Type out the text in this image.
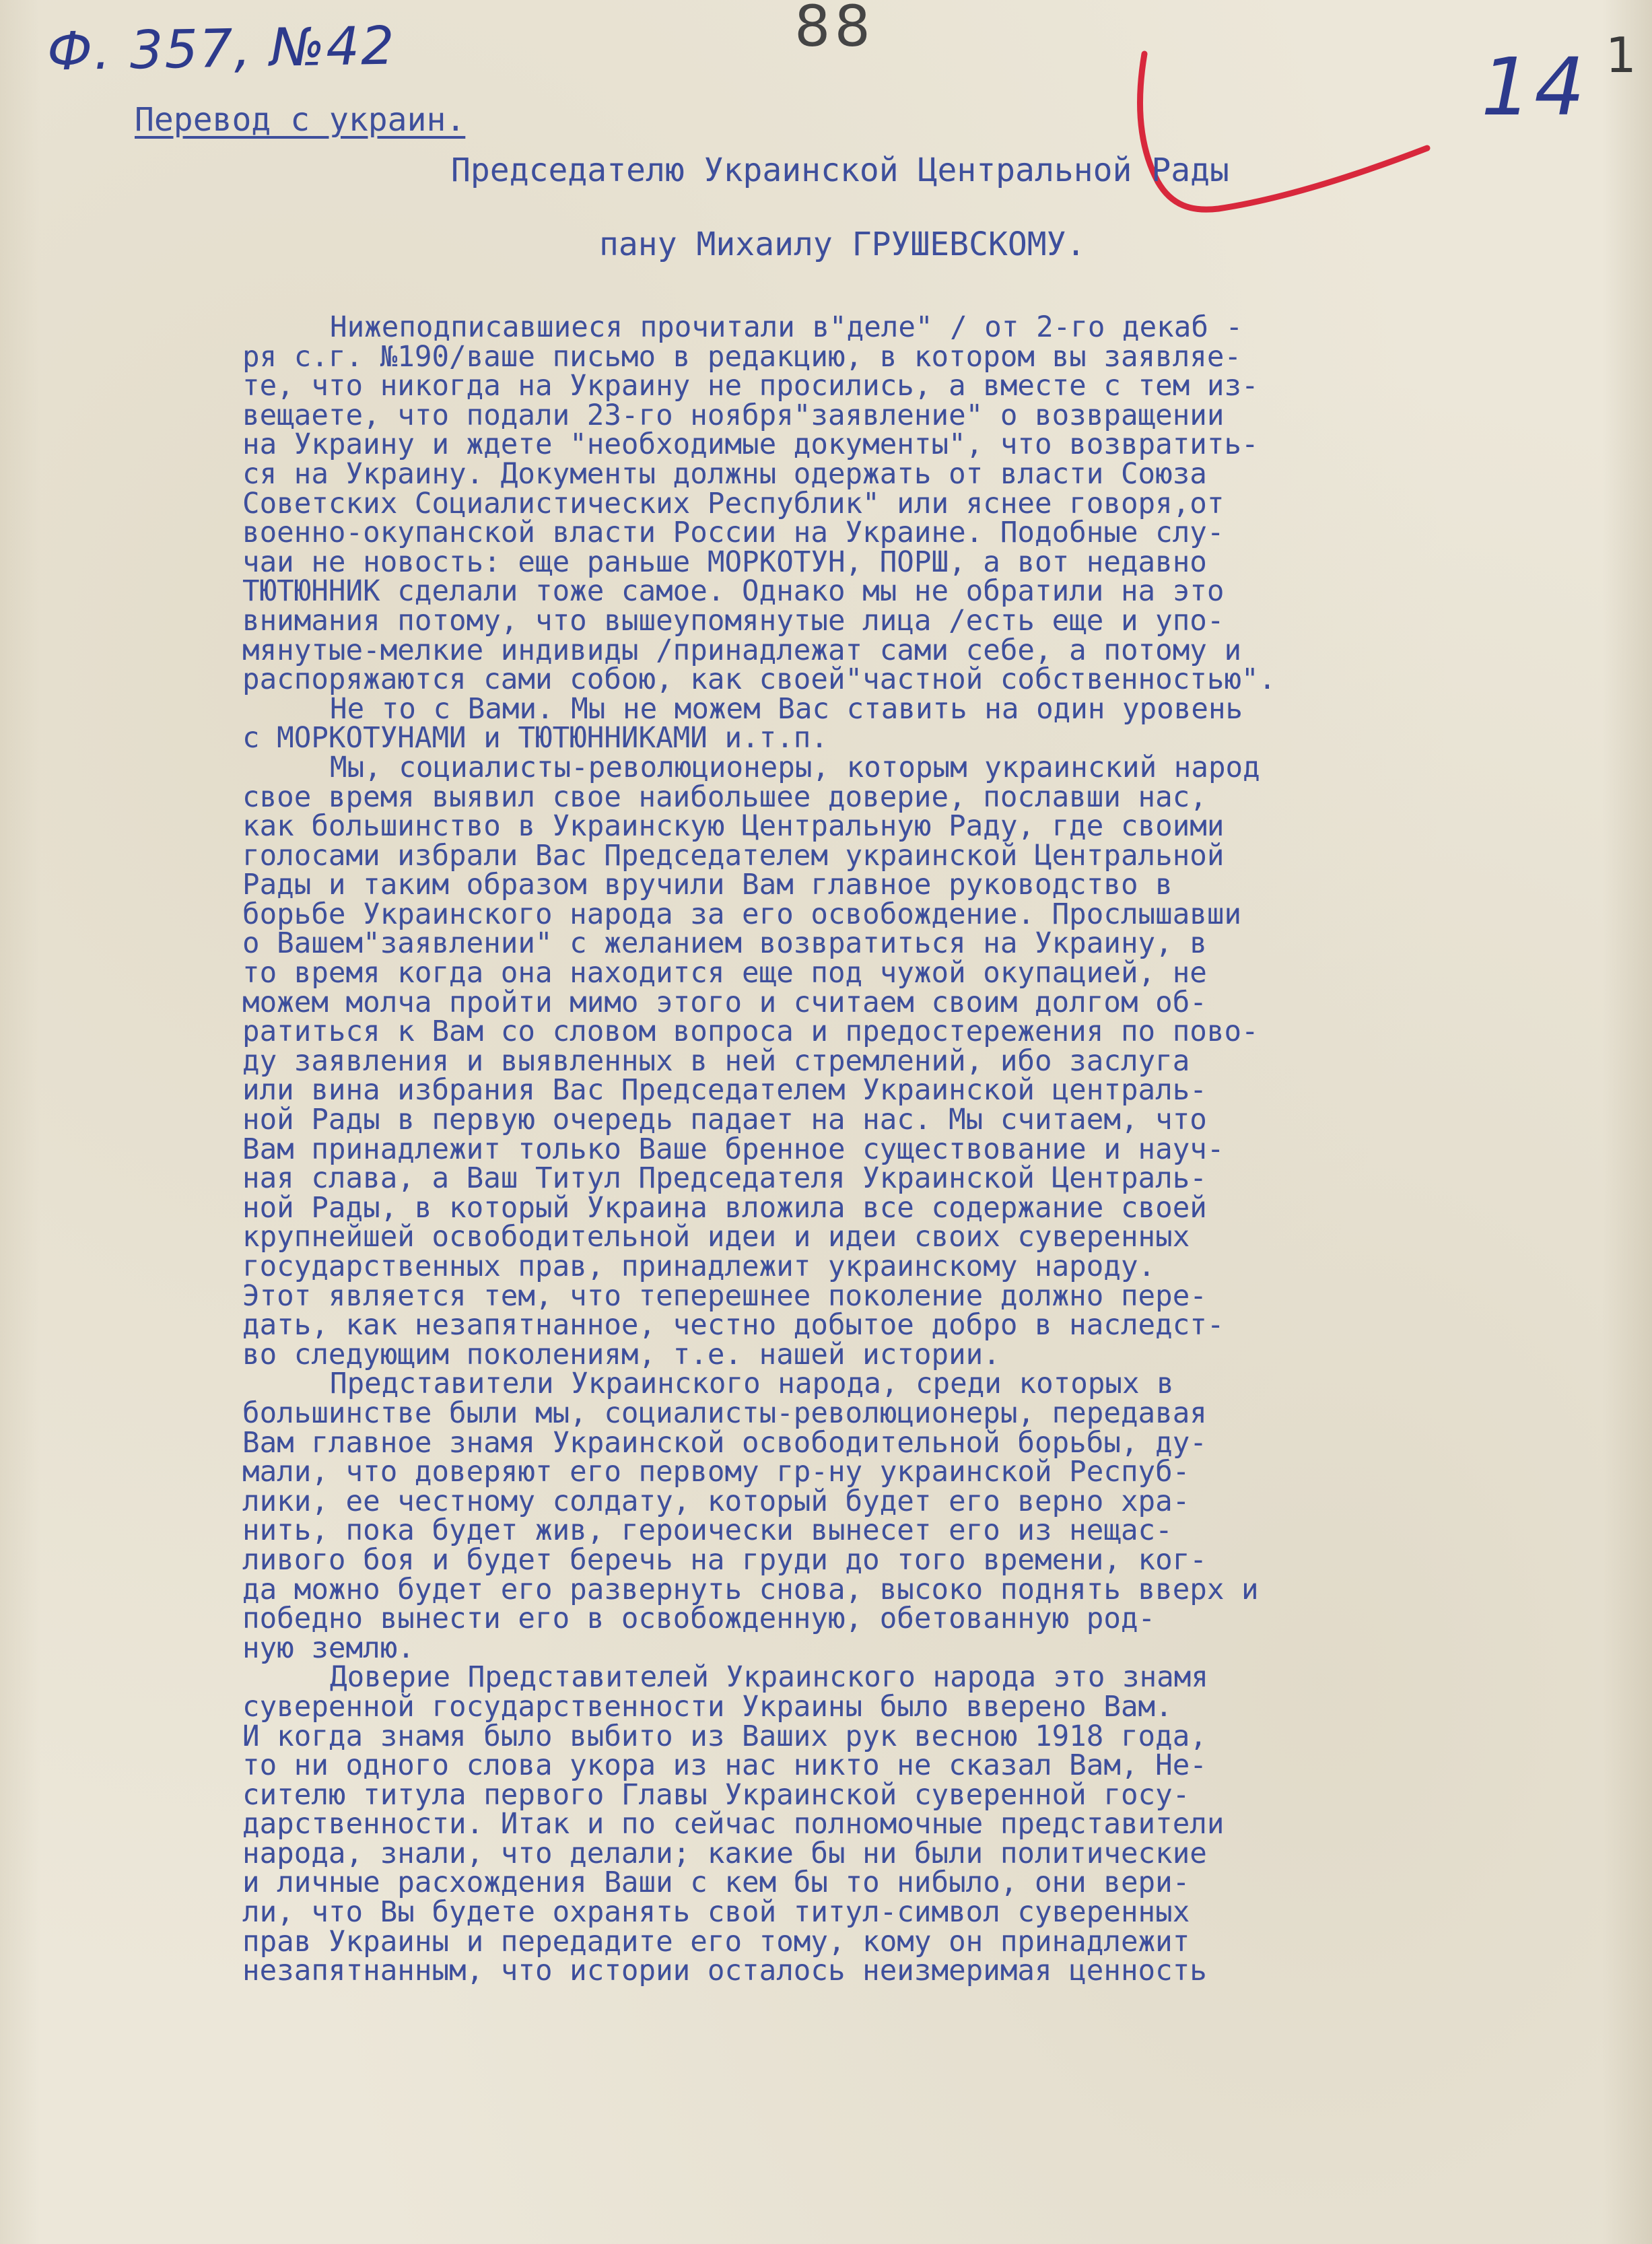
Ф. 357, №42	88
14 1
Перевод с украин.
Председателю Украинской Центральной Рады
пану Михаилу ГРУШЕВСКОМУ.
Нижеподписавшиеся прочитали в"деле" / от 2-го декаб -
ря с.г. №190/ваше письмо в редакцию, в котором вы заявляе-
те, что никогда на Украину не просились, а вместе с тем из-
вещаете, что подали 23-го ноября"заявление" о возвращении
на Украину и ждете "необходимые документы", что возвратить-
ся на Украину. Документы должны одержать от власти Союза
Советских Социалистических Республик" или яснее говоря,от
военно-окупанской власти России на Украине. Подобные слу-
чаи не новость: еще раньше МОРКОТУН, ПОРШ, а вот недавно
ТЮТЮННИК сделали тоже самое. Однако мы не обратили на это
внимания потому, что вышеупомянутые лица /есть еще и упо-
мянутые-мелкие индивиды /принадлежат сами себе, а потому и
распоряжаются сами собою, как своей"частной собственностью".
Не то с Вами. Мы не можем Вас ставить на один уровень
с МОРКОТУНАМИ и ТЮТЮННИКАМИ и.т.п.
Мы, социалисты-революционеры, которым украинский народ
свое время выявил свое наибольшее доверие, пославши нас,
как большинство в Украинскую Центральную Раду, где своими
голосами избрали Вас Председателем украинской Центральной
Рады и таким образом вручили Вам главное руководство в
борьбе Украинского народа за его освобождение. Прослышавши
о Вашем"заявлении" с желанием возвратиться на Украину, в
то время когда она находится еще под чужой окупацией, не
можем молча пройти мимо этого и считаем своим долгом об-
ратиться к Вам со словом вопроса и предостережения по пово-
ду заявления и выявленных в ней стремлений, ибо заслуга
или вина избрания Вас Председателем Украинской централь-
ной Рады в первую очередь падает на нас. Мы считаем, что
Вам принадлежит только Ваше бренное существование и науч-
ная слава, а Ваш Титул Председателя Украинской Централь-
ной Рады, в который Украина вложила все содержание своей
крупнейшей освободительной идеи и идеи своих суверенных
государственных прав, принадлежит украинскому народу.
Этот является тем, что теперешнее поколение должно пере-
дать, как незапятнанное, честно добытое добро в наследст-
во следующим поколениям, т.е. нашей истории.
Представители Украинского народа, среди которых в
большинстве были мы, социалисты-революционеры, передавая
Вам главное знамя Украинской освободительной борьбы, ду-
мали, что доверяют его первому гр-ну украинской Респуб-
лики, ее честному солдату, который будет его верно хра-
нить, пока будет жив, героически вынесет его из нещас-
ливого боя и будет беречь на груди до того времени, ког-
да можно будет его развернуть снова, высоко поднять вверх и
победно вынести его в освобожденную, обетованную род-
ную землю.
Доверие Представителей Украинского народа это знамя
суверенной государственности Украины было вверено Вам.
И когда знамя было выбито из Ваших рук весною 1918 года,
то ни одного слова укора из нас никто не сказал Вам, Не-
сителю титула первого Главы Украинской суверенной госу-
дарственности. Итак и по сейчас полномочные представители
народа, знали, что делали; какие бы ни были политические
и личные расхождения Ваши с кем бы то нибыло, они вери-
ли, что Вы будете охранять свой титул-символ суверенных
прав Украины и передадите его тому, кому он принадлежит
незапятнанным, что истории осталось неизмеримая ценность
